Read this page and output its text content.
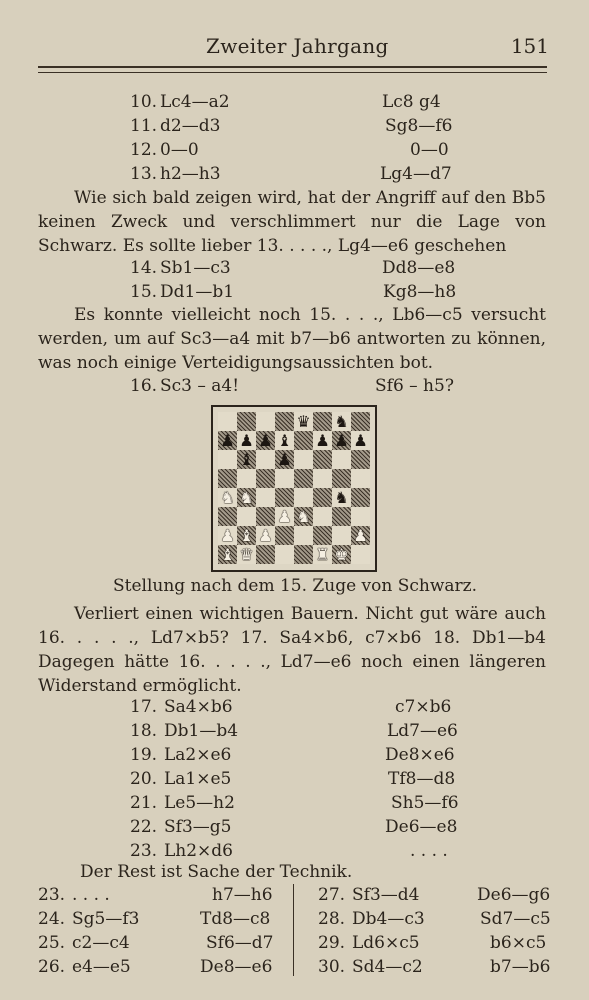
Zweiter Jahrgang	151
10. Lc4—a2	Lc8 g4
11. d2—d3	Sg8—f6
12. 0—0	0—0
13. h2—h3	Lg4—d7
Wie sich bald zeigen wird, hat der Angriff auf den Bb5 keinen Zweck und verschlimmert nur die Lage von Schwarz. Es sollte lieber 13. . . . ., Lg4—e6 geschehen
14. Sb1—c3	Dd8—e8
15. Dd1—b1	Kg8—h8
Es konnte vielleicht noch 15. . . ., Lb6—c5 versucht werden, um auf Sc3—a4 mit b7—b6 antworten zu können, was noch einige Verteidigungsaussichten bot.
16. Sc3 – a4!	Sf6 – h5?
♛ ♞
♟ ♟ ♟ ♝ ♟ ♟ ♟
♝ ♟
♞ ♞	♞
♟ ♞
♟ ♝ ♟	♟
♝ ♛	♜ ♚
Stellung nach dem 15. Zuge von Schwarz.
Verliert einen wichtigen Bauern. Nicht gut wäre auch 16. . . . ., Ld7×b5? 17. Sa4×b6, c7×b6 18. Db1—b4 Dagegen hätte 16. . . . ., Ld7—e6 noch einen längeren Widerstand ermöglicht.
17. Sa4×b6	c7×b6
18. Db1—b4	Ld7—e6
19. La2×e6	De8×e6
20. La1×e5	Tf8—d8
21. Le5—h2	Sh5—f6
22. Sf3—g5	De6—e8
23. Lh2×d6	. . . .
Der Rest ist Sache der Technik.
23. . . . .	h7—h6
24. Sg5—f3	Td8—c8
25. c2—c4	Sf6—d7
26. e4—e5	De8—e6
27. Sf3—d4	De6—g6
28. Db4—c3	Sd7—c5
29. Ld6×c5	b6×c5
30. Sd4—c2	b7—b6
